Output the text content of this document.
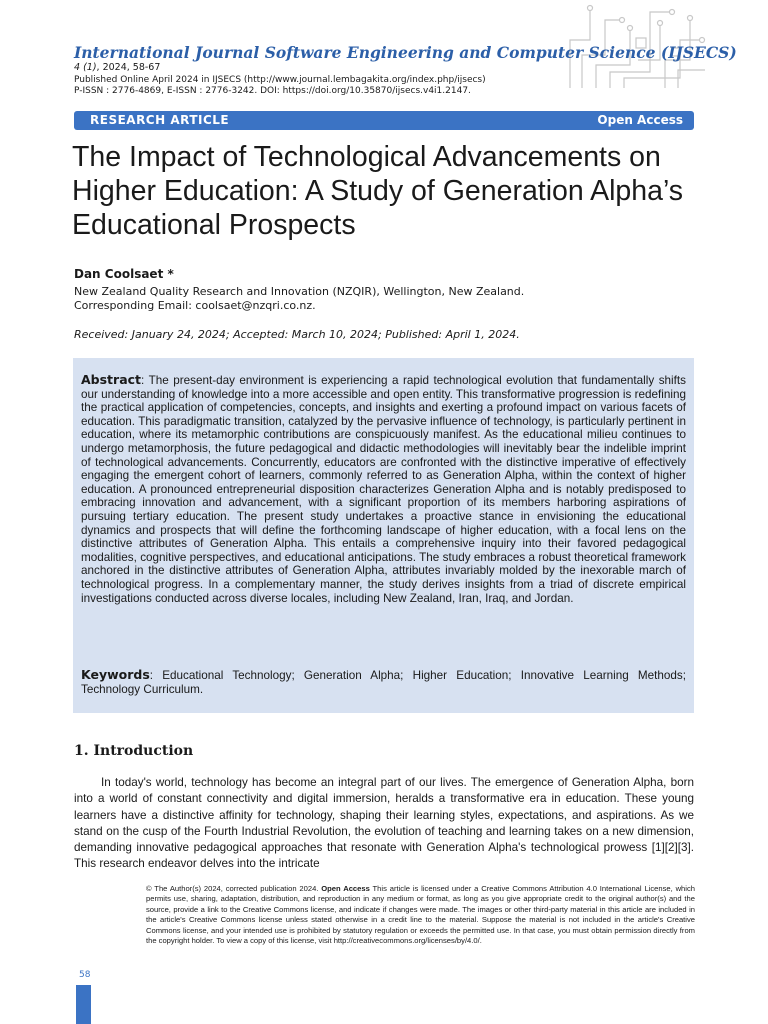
International Journal Software Engineering and Computer Science (IJSECS)
4 (1), 2024, 58-67
Published Online April 2024 in IJSECS (http://www.journal.lembagakita.org/index.php/ijsecs)
P-ISSN : 2776-4869, E-ISSN : 2776-3242. DOI: https://doi.org/10.35870/ijsecs.v4i1.2147.
RESEARCH ARTICLE	Open Access
The Impact of Technological Advancements on Higher Education: A Study of Generation Alpha’s Educational Prospects
Dan Coolsaet *
New Zealand Quality Research and Innovation (NZQIR), Wellington, New Zealand.
Corresponding Email: coolsaet@nzqri.co.nz.
Received: January 24, 2024; Accepted: March 10, 2024; Published: April 1, 2024.

Abstract: The present-day environment is experiencing a rapid technological evolution that fundamentally shifts our understanding of knowledge into a more accessible and open entity. This transformative progression is redefining the practical application of competencies, concepts, and insights and exerting a profound impact on various facets of education. This paradigmatic transition, catalyzed by the pervasive influence of technology, is particularly pertinent in education, where its metamorphic contributions are conspicuously manifest. As the educational milieu continues to undergo metamorphosis, the future pedagogical and didactic methodologies will inevitably bear the indelible imprint of technological advancements. Concurrently, educators are confronted with the distinctive imperative of effectively engaging the emergent cohort of learners, commonly referred to as Generation Alpha, within the context of higher education. A pronounced entrepreneurial disposition characterizes Generation Alpha and is notably predisposed to embracing innovation and advancement, with a significant proportion of its members harboring aspirations of pursuing tertiary education. The present study undertakes a proactive stance in envisioning the educational dynamics and prospects that will define the forthcoming landscape of higher education, with a focal lens on the distinctive attributes of Generation Alpha. This entails a comprehensive inquiry into their favored pedagogical modalities, cognitive perspectives, and educational anticipations. The study embraces a robust theoretical framework anchored in the distinctive attributes of Generation Alpha, attributes invariably molded by the inexorable march of technological progress. In a complementary manner, the study derives insights from a triad of discrete empirical investigations conducted across diverse locales, including New Zealand, Iran, Iraq, and Jordan.

Keywords: Educational Technology; Generation Alpha; Higher Education; Innovative Learning Methods; Technology Curriculum.

1. Introduction

In today's world, technology has become an integral part of our lives. The emergence of Generation Alpha, born into a world of constant connectivity and digital immersion, heralds a transformative era in education. These young learners have a distinctive affinity for technology, shaping their learning styles, expectations, and aspirations. As we stand on the cusp of the Fourth Industrial Revolution, the evolution of teaching and learning takes on a new dimension, demanding innovative pedagogical approaches that resonate with Generation Alpha's technological prowess [1][2][3]. This research endeavor delves into the intricate

© The Author(s) 2024, corrected publication 2024. Open Access This article is licensed under a Creative Commons Attribution 4.0 International License, which permits use, sharing, adaptation, distribution, and reproduction in any medium or format, as long as you give appropriate credit to the original author(s) and the source, provide a link to the Creative Commons license, and indicate if changes were made. The images or other third-party material in this article are included in the article's Creative Commons license unless stated otherwise in a credit line to the material. Suppose the material is not included in the article's Creative Commons license, and your intended use is prohibited by statutory regulation or exceeds the permitted use. In that case, you must obtain permission directly from the copyright holder. To view a copy of this license, visit http://creativecommons.org/licenses/by/4.0/.

58
